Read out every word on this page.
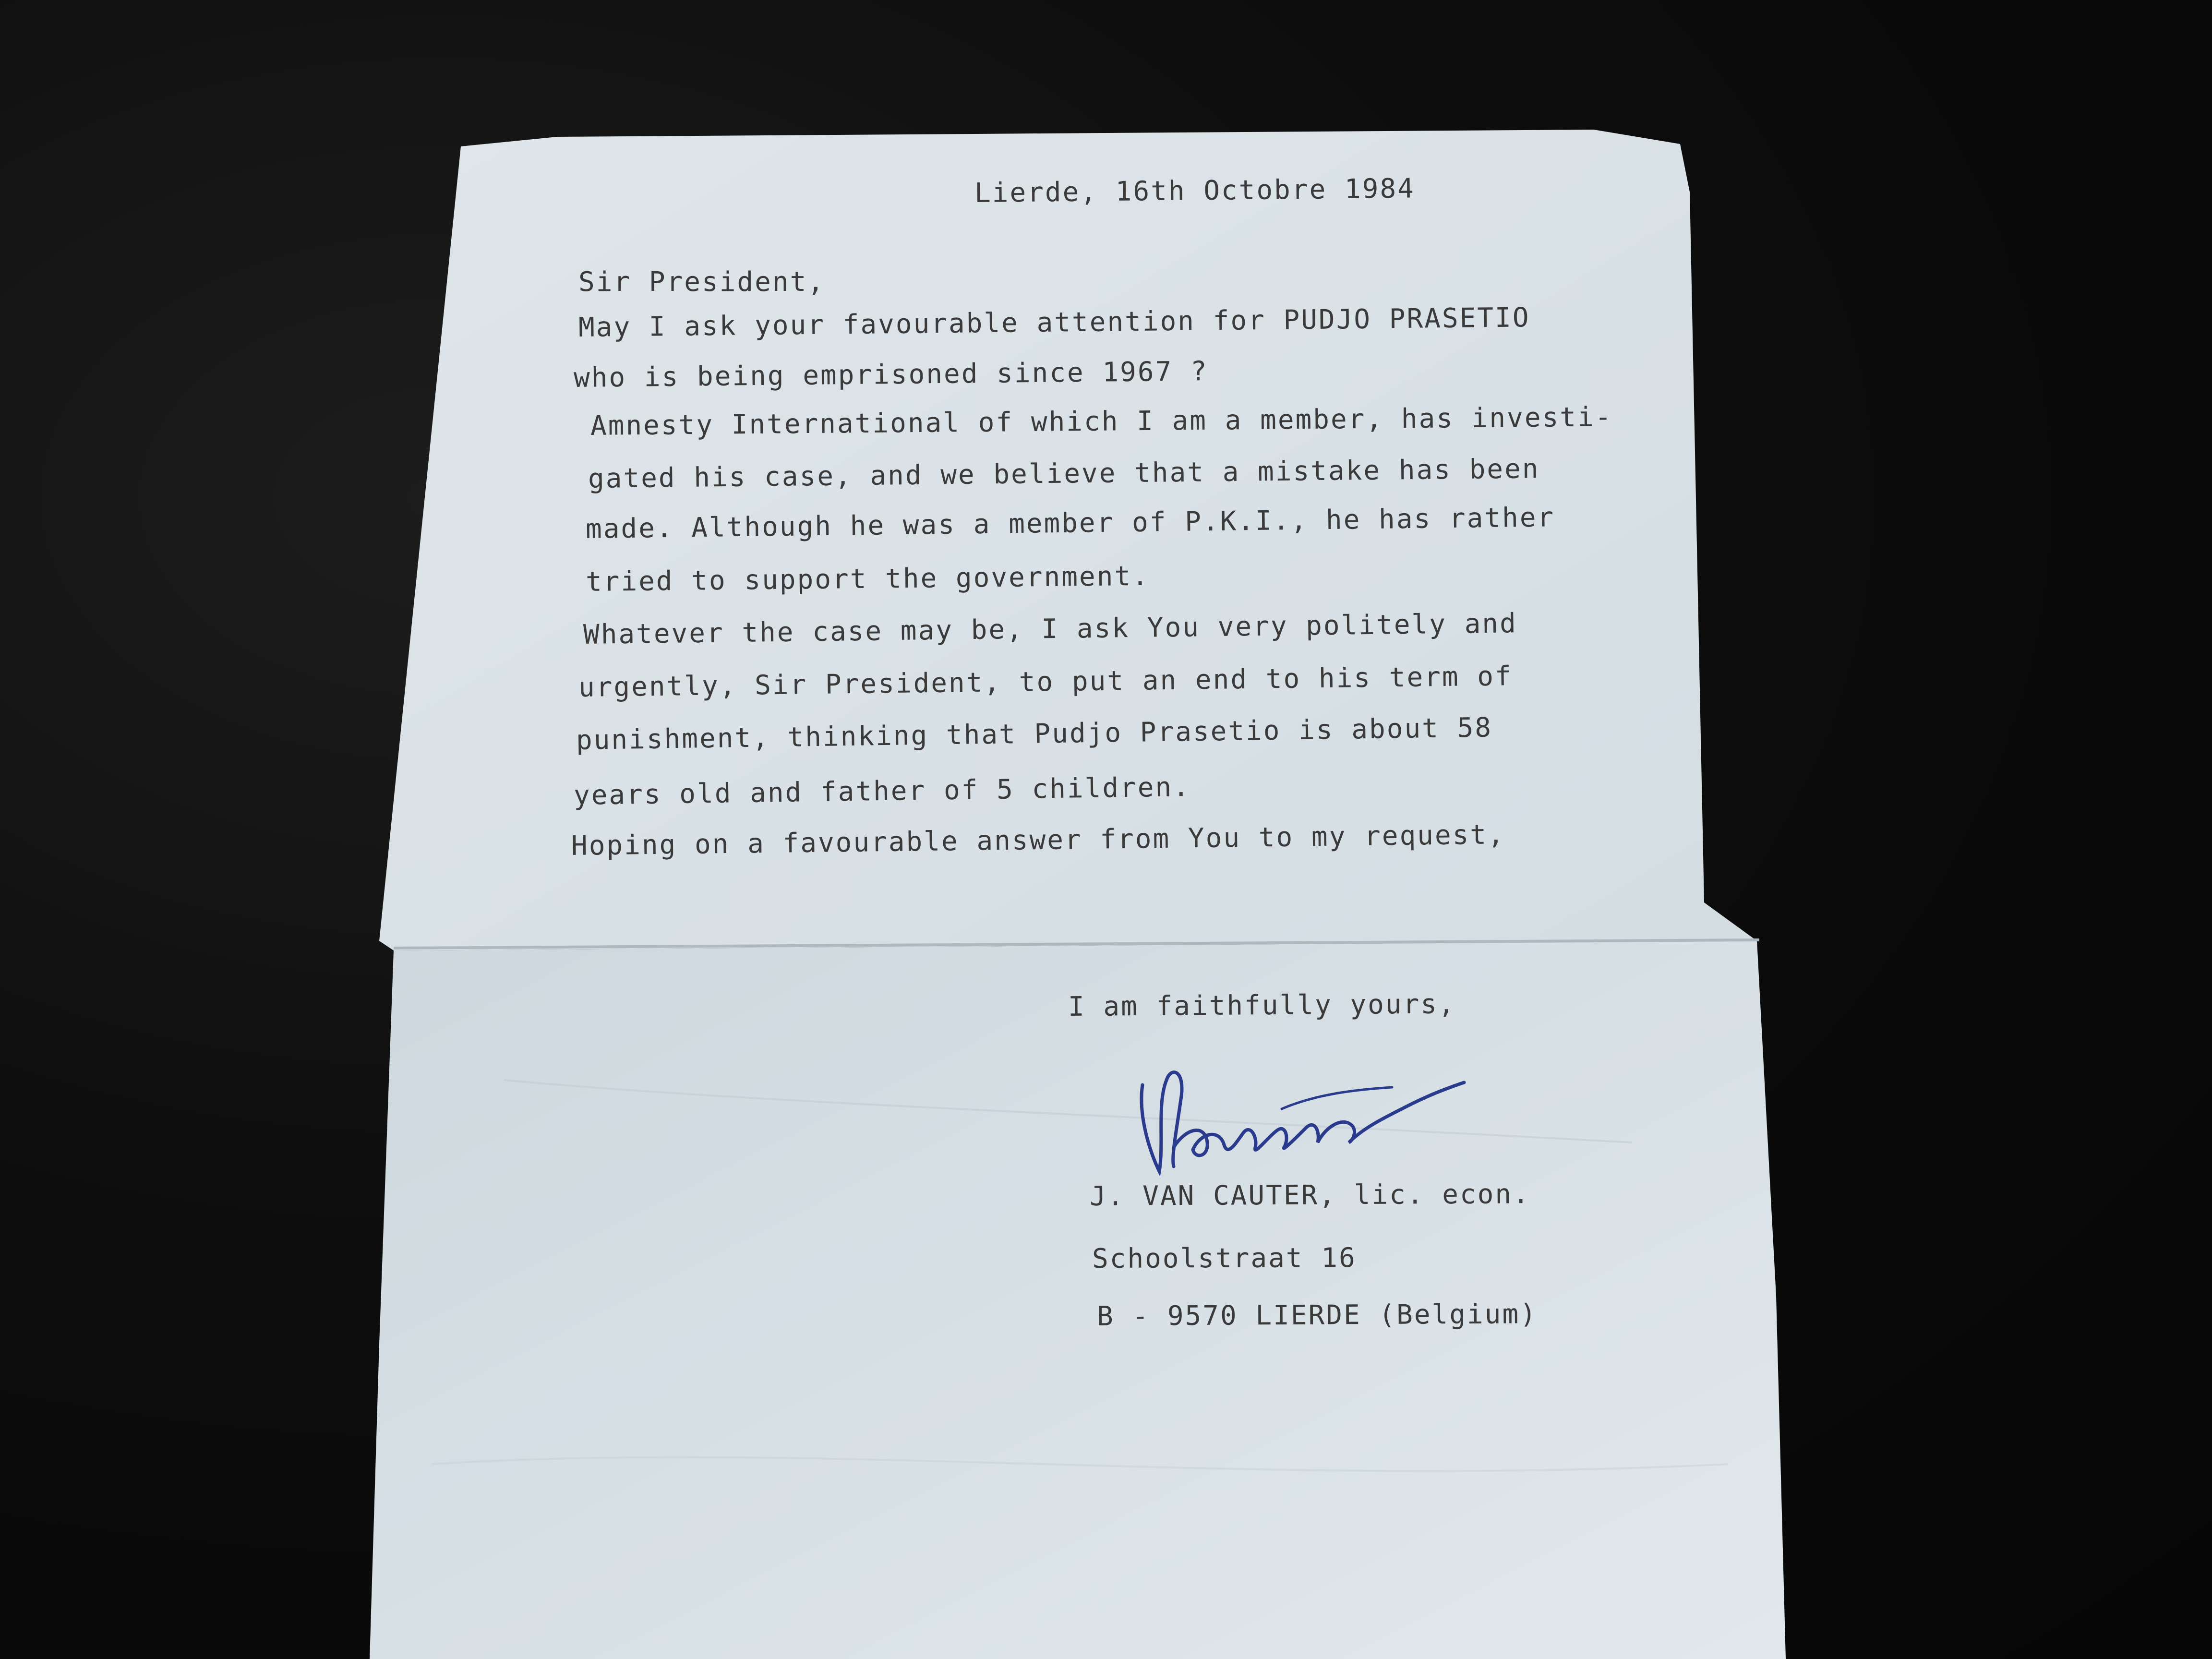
Lierde, 16th Octobre 1984

Sir President,

May I ask your favourable attention for PUDJO PRASETIO

who is being emprisoned since 1967 ?

Amnesty International of which I am a member, has investi-

gated his case, and we believe that a mistake has been

made. Although he was a member of P.K.I., he has rather

tried to support the government.

Whatever the case may be, I ask You very politely and

urgently, Sir President, to put an end to his term of

punishment, thinking that Pudjo Prasetio is about 58

years old and father of 5 children.

Hoping on a favourable answer from You to my request,

I am faithfully yours,

J. VAN CAUTER, lic. econ.

Schoolstraat 16

B - 9570 LIERDE (Belgium)
